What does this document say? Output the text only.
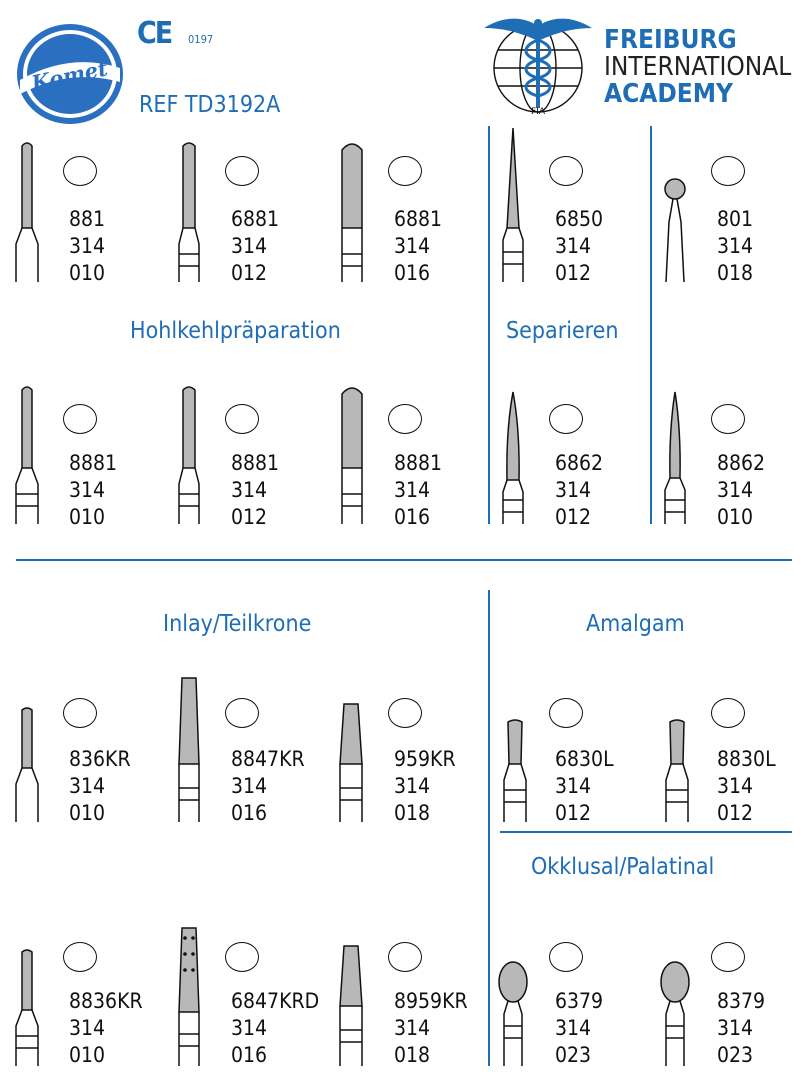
Komet
CE 0197
REF TD3192A	FIA
FREIBURG
INTERNATIONAL
ACADEMY
Hohlkehlpräparation	Separieren
Inlay/Teilkrone	Amalgam
Okklusal/Palatinal
881
314
010
6881
314
012
6881
314
016
6850
314
012
801
314
018
8881
314
010
8881
314
012
8881
314
016
6862
314
012
8862
314
010
836KR
314
010
8847KR
314
016
959KR
314
018
6830L
314
012
8830L
314
012
8836KR
314
010
6847KRD
314
016
8959KR
314
018
6379
314
023
8379
314
023
